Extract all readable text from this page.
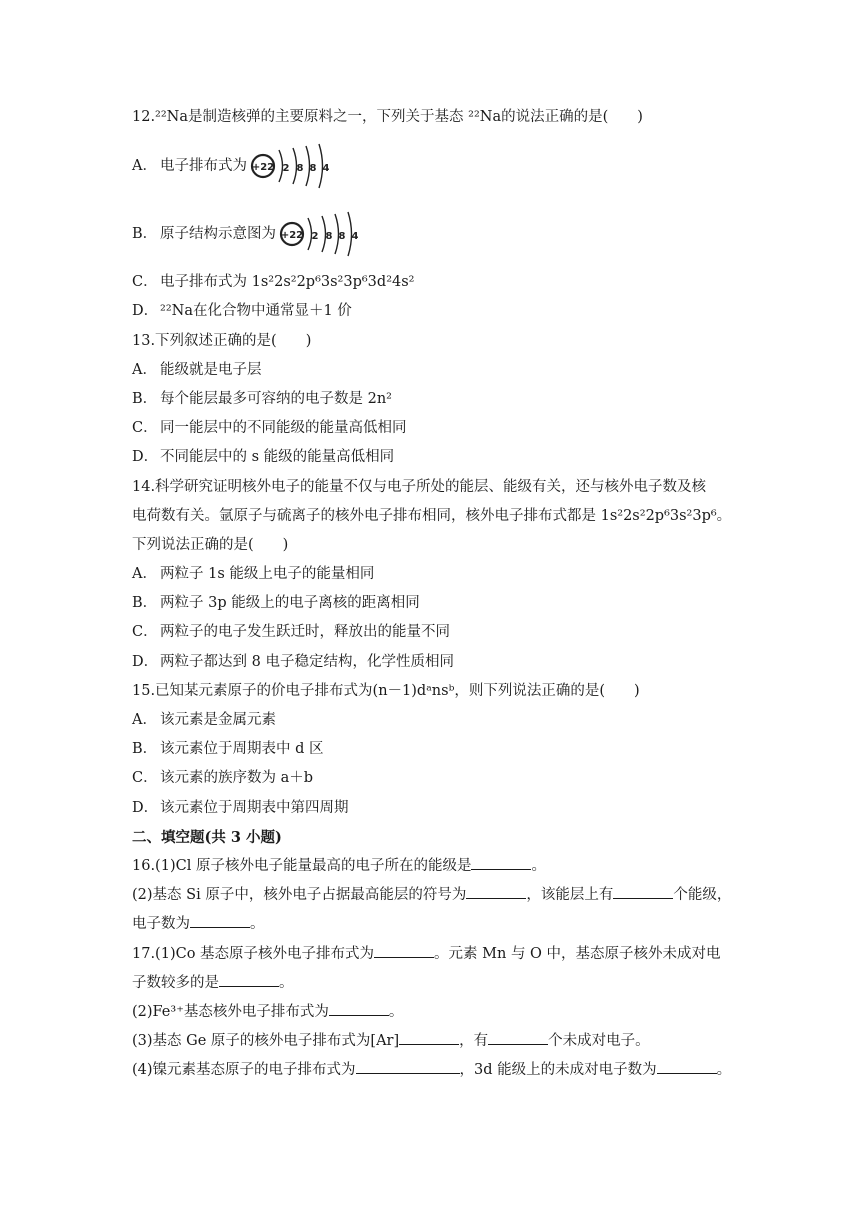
12.²²Na是制造核弹的主要原料之一，下列关于基态 ²²Na的说法正确的是(　　)
A． 电子排布式为 +22 2 8 8 4
B． 原子结构示意图为 +22 2 8 8 4
C． 电子排布式为 1s²2s²2p⁶3s²3p⁶3d²4s²
D． ²²Na在化合物中通常显＋1 价
13.下列叙述正确的是(　　)
A． 能级就是电子层
B． 每个能层最多可容纳的电子数是 2n²
C． 同一能层中的不同能级的能量高低相同
D． 不同能层中的 s 能级的能量高低相同
14.科学研究证明核外电子的能量不仅与电子所处的能层、能级有关，还与核外电子数及核
电荷数有关。氩原子与硫离子的核外电子排布相同，核外电子排布式都是 1s²2s²2p⁶3s²3p⁶。
下列说法正确的是(　　)
A． 两粒子 1s 能级上电子的能量相同
B． 两粒子 3p 能级上的电子离核的距离相同
C． 两粒子的电子发生跃迁时，释放出的能量不同
D． 两粒子都达到 8 电子稳定结构，化学性质相同
15.已知某元素原子的价电子排布式为(n－1)dᵃnsᵇ，则下列说法正确的是(　　)
A． 该元素是金属元素
B． 该元素位于周期表中 d 区
C． 该元素的族序数为 a＋b
D． 该元素位于周期表中第四周期
二、填空题(共 3 小题)
16.(1)Cl 原子核外电子能量最高的电子所在的能级是	。
(2)基态 Si 原子中，核外电子占据最高能层的符号为	，该能层上有	个能级，
电子数为	。
17.(1)Co 基态原子核外电子排布式为	。元素 Mn 与 O 中，基态原子核外未成对电
子数较多的是	。
(2)Fe³⁺基态核外电子排布式为	。
(3)基态 Ge 原子的核外电子排布式为[Ar]	，有	个未成对电子。
(4)镍元素基态原子的电子排布式为	，3d 能级上的未成对电子数为	。
